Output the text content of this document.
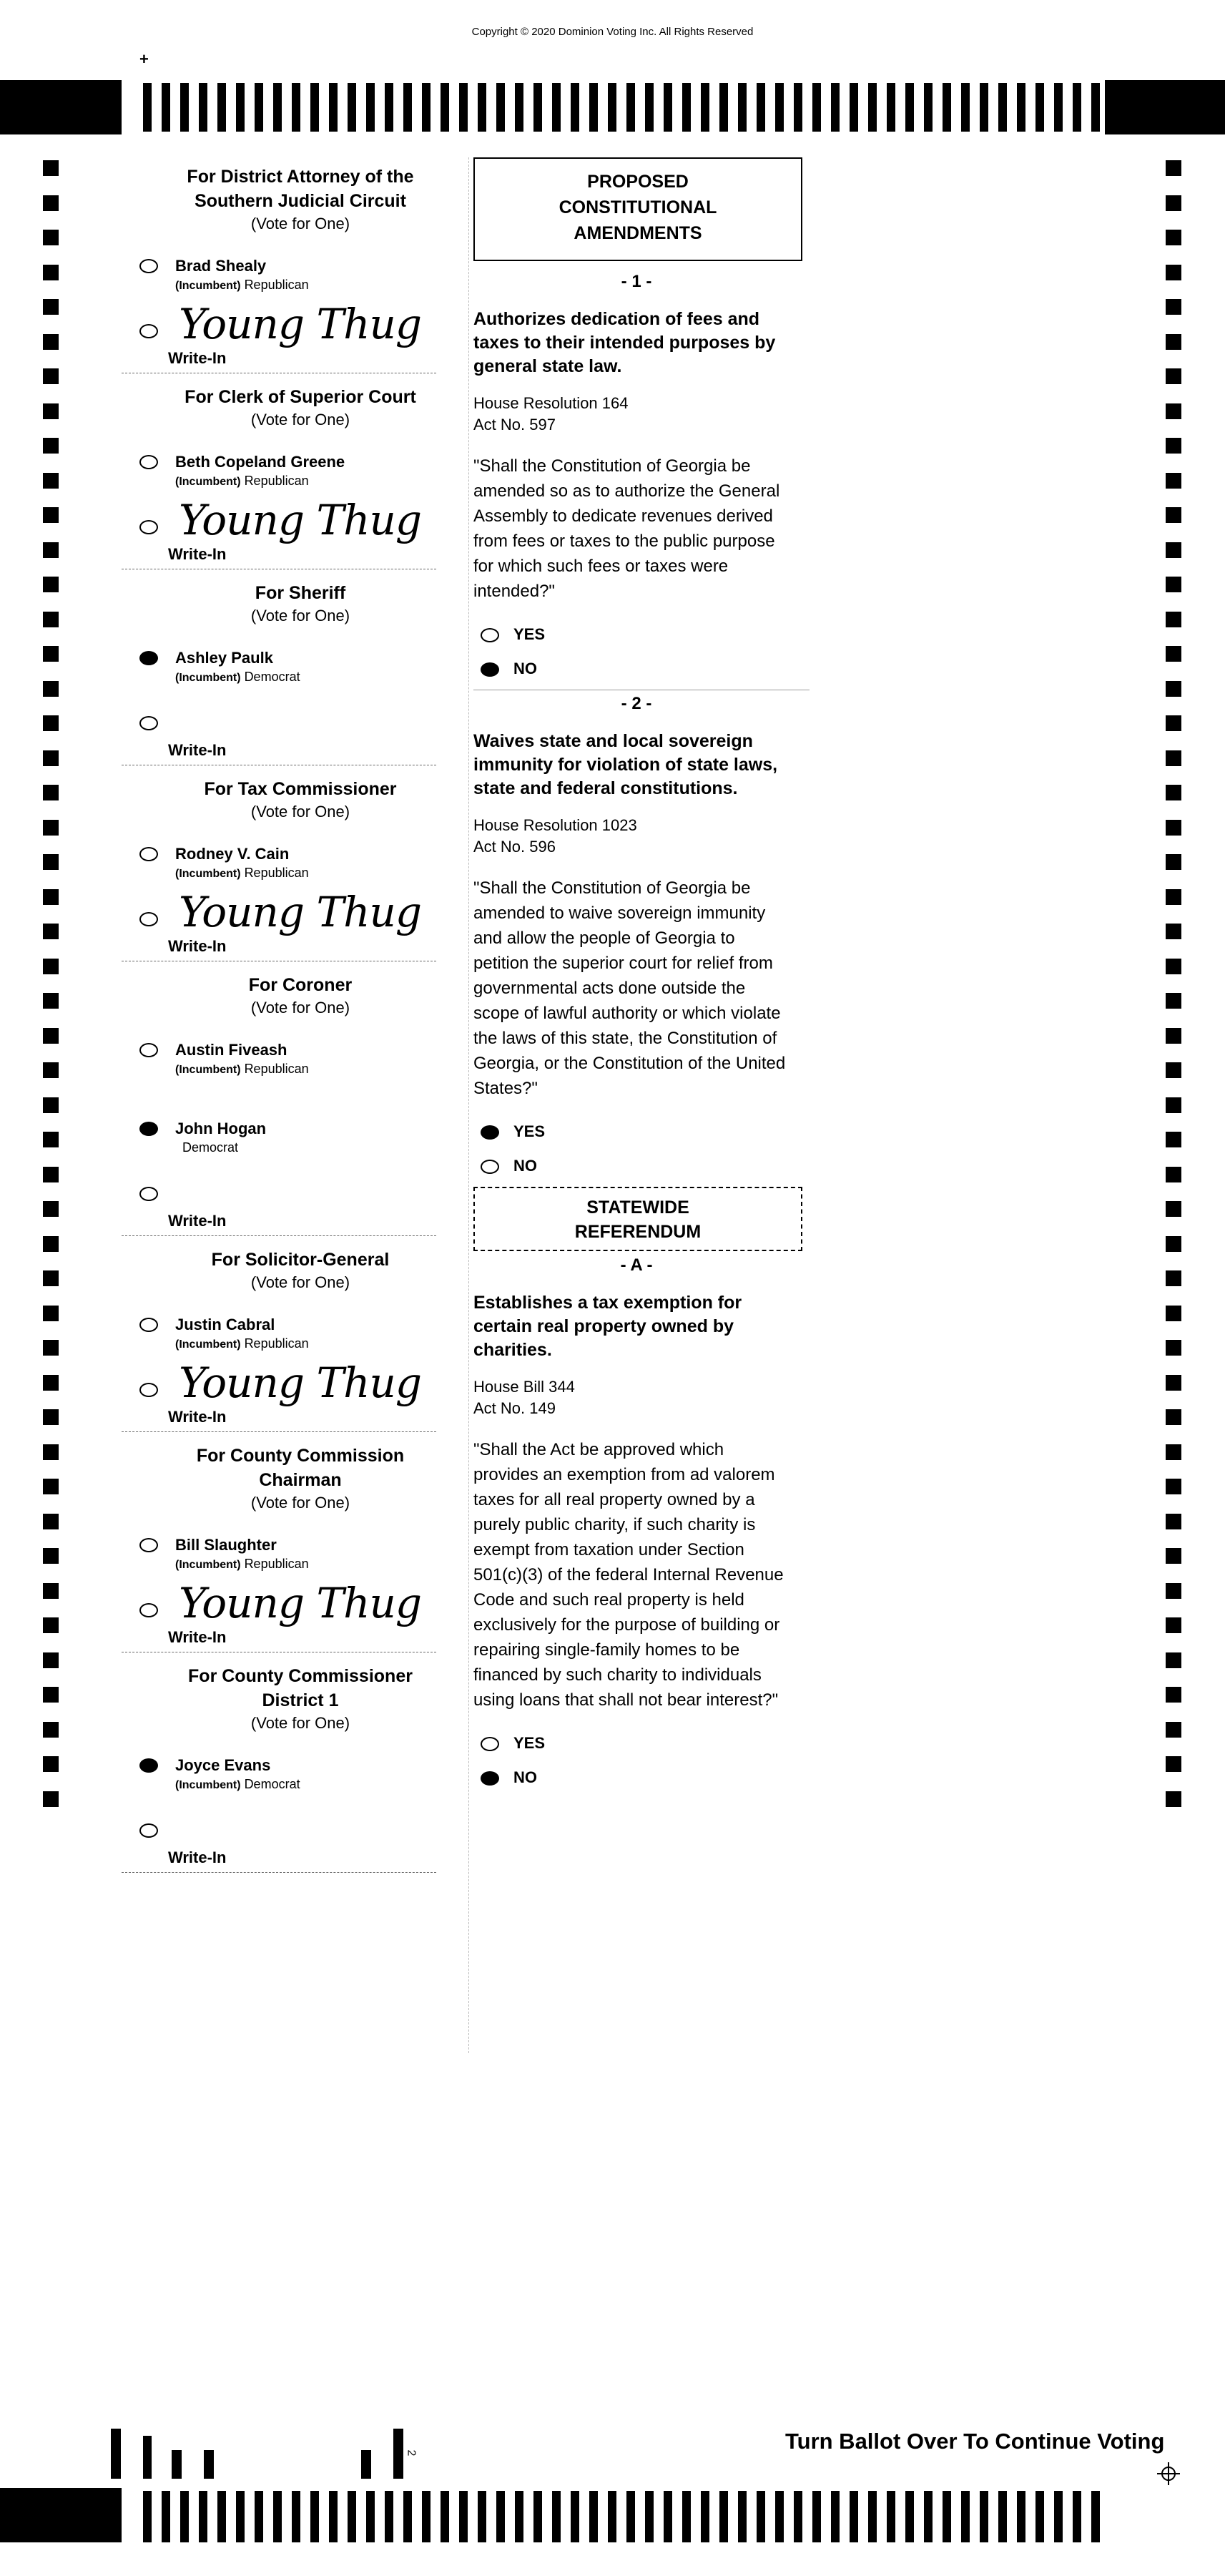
Copyright © 2020 Dominion Voting Inc. All Rights Reserved
+
For District Attorney of the
Southern Judicial Circuit
(Vote for One)
Brad Shealy
(Incumbent) Republican
Young Thug
Write-In
For Clerk of Superior Court
(Vote for One)
Beth Copeland Greene
(Incumbent) Republican
Young Thug
Write-In
For Sheriff
(Vote for One)
Ashley Paulk
(Incumbent) Democrat
Write-In
For Tax Commissioner
(Vote for One)
Rodney V. Cain
(Incumbent) Republican
Young Thug
Write-In
For Coroner
(Vote for One)
Austin Fiveash
(Incumbent) Republican
John Hogan
Democrat
Write-In
For Solicitor-General
(Vote for One)
Justin Cabral
(Incumbent) Republican
Young Thug
Write-In
For County Commission
Chairman
(Vote for One)
Bill Slaughter
(Incumbent) Republican
Young Thug
Write-In
For County Commissioner
District 1
(Vote for One)
Joyce Evans
(Incumbent) Democrat
Write-In
PROPOSED
CONSTITUTIONAL
AMENDMENTS
- 1 -
Authorizes dedication of fees and
taxes to their intended purposes by
general state law.
House Resolution 164
Act No. 597
"Shall the Constitution of Georgia be
amended so as to authorize the General
Assembly to dedicate revenues derived
from fees or taxes to the public purpose
for which such fees or taxes were
intended?"
YES
NO
- 2 -
Waives state and local sovereign
immunity for violation of state laws,
state and federal constitutions.
House Resolution 1023
Act No. 596
"Shall the Constitution of Georgia be
amended to waive sovereign immunity
and allow the people of Georgia to
petition the superior court for relief from
governmental acts done outside the
scope of lawful authority or which violate
the laws of this state, the Constitution of
Georgia, or the Constitution of the United
States?"
YES
NO
STATEWIDE
REFERENDUM
- A -
Establishes a tax exemption for
certain real property owned by
charities.
House Bill 344
Act No. 149
"Shall the Act be approved which
provides an exemption from ad valorem
taxes for all real property owned by a
purely public charity, if such charity is
exempt from taxation under Section
501(c)(3) of the federal Internal Revenue
Code and such real property is held
exclusively for the purpose of building or
repairing single-family homes to be
financed by such charity to individuals
using loans that shall not bear interest?"
YES
NO
Turn Ballot Over To Continue Voting
2
